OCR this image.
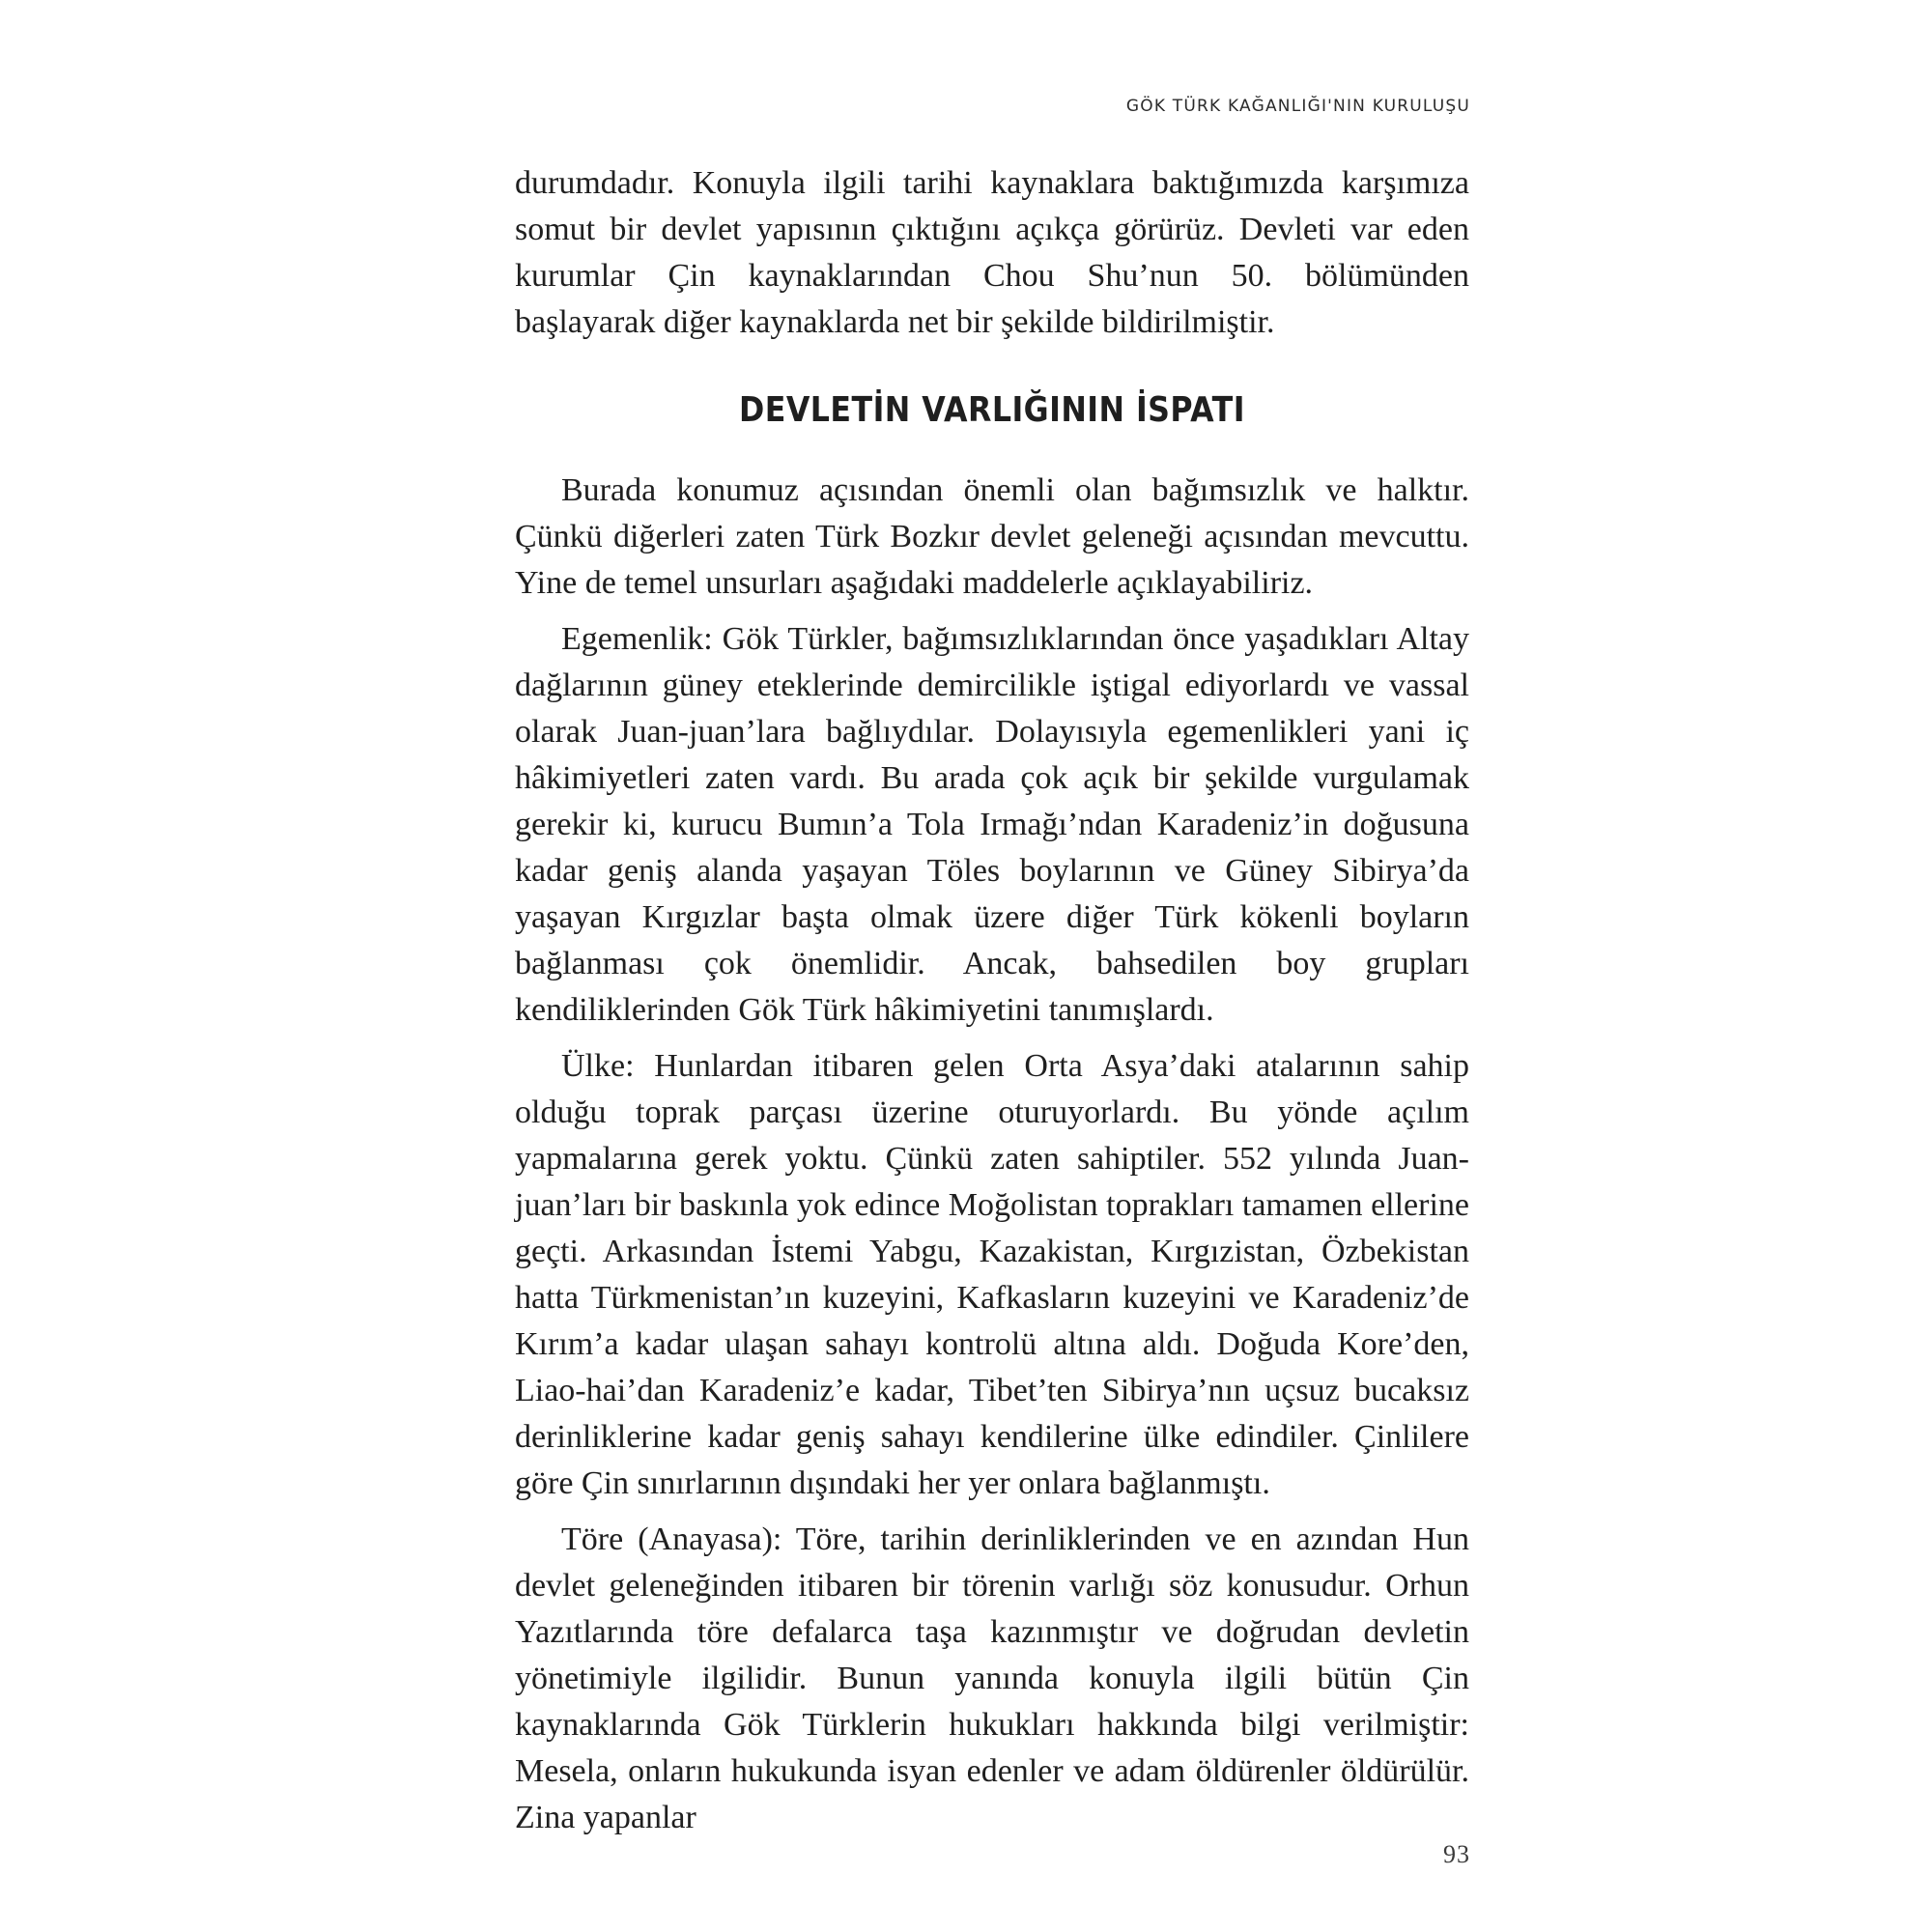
GÖK TÜRK KAĞANLIĞI'NIN KURULUŞU

durumdadır. Konuyla ilgili tarihi kaynaklara baktığımızda karşımıza somut bir devlet yapısının çıktığını açıkça görürüz. Devleti var eden kurumlar Çin kaynaklarından Chou Shu’nun 50. bölümünden başlayarak diğer kaynaklarda net bir şekilde bildirilmiştir.

DEVLETİN VARLIĞININ İSPATI

Burada konumuz açısından önemli olan bağımsızlık ve halktır. Çünkü diğerleri zaten Türk Bozkır devlet geleneği açısından mevcuttu. Yine de temel unsurları aşağıdaki maddelerle açıklayabiliriz.

Egemenlik: Gök Türkler, bağımsızlıklarından önce yaşadıkları Altay dağlarının güney eteklerinde demircilikle iştigal ediyorlardı ve vassal olarak Juan-juan’lara bağlıydılar. Dolayısıyla egemenlikleri yani iç hâkimiyetleri zaten vardı. Bu arada çok açık bir şekilde vurgulamak gerekir ki, kurucu Bumın’a Tola Irmağı’ndan Karadeniz’in doğusuna kadar geniş alanda yaşayan Töles boylarının ve Güney Sibirya’da yaşayan Kırgızlar başta olmak üzere diğer Türk kökenli boyların bağlanması çok önemlidir. Ancak, bahsedilen boy grupları kendiliklerinden Gök Türk hâkimiyetini tanımışlardı.

Ülke: Hunlardan itibaren gelen Orta Asya’daki atalarının sahip olduğu toprak parçası üzerine oturuyorlardı. Bu yönde açılım yapmalarına gerek yoktu. Çünkü zaten sahiptiler. 552 yılında Juan-juan’ları bir baskınla yok edince Moğolistan toprakları tamamen ellerine geçti. Arkasından İstemi Yabgu, Kazakistan, Kırgızistan, Özbekistan hatta Türkmenistan’ın kuzeyini, Kafkasların kuzeyini ve Karadeniz’de Kırım’a kadar ulaşan sahayı kontrolü altına aldı. Doğuda Kore’den, Liao-hai’dan Karadeniz’e kadar, Tibet’ten Sibirya’nın uçsuz bucaksız derinliklerine kadar geniş sahayı kendilerine ülke edindiler. Çinlilere göre Çin sınırlarının dışındaki her yer onlara bağlanmıştı.

Töre (Anayasa): Töre, tarihin derinliklerinden ve en azından Hun devlet geleneğinden itibaren bir törenin varlığı söz konusudur. Orhun Yazıtlarında töre defalarca taşa kazınmıştır ve doğrudan devletin yönetimiyle ilgilidir. Bunun yanında konuyla ilgili bütün Çin kaynaklarında Gök Türklerin hukukları hakkında bilgi verilmiştir: Mesela, onların hukukunda isyan edenler ve adam öldürenler öldürülür. Zina yapanlar

93
